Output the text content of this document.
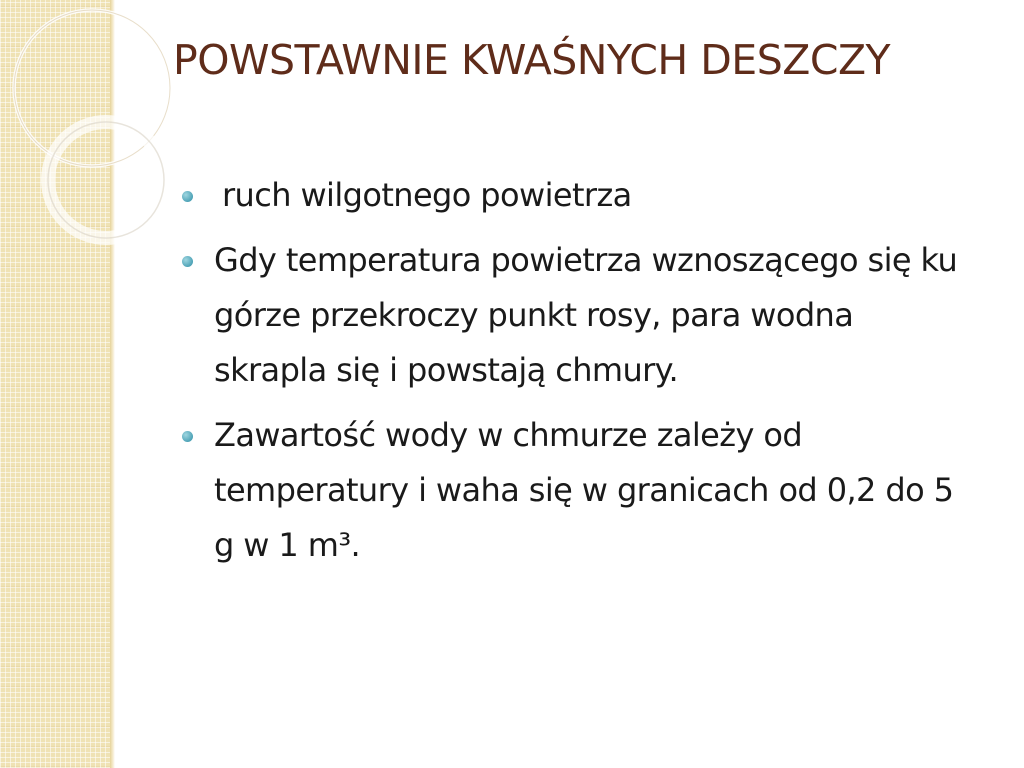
POWSTAWNIE KWAŚNYCH DESZCZY
ruch wilgotnego powietrza
Gdy temperatura powietrza wznoszącego się ku górze przekroczy punkt rosy, para wodna skrapla się i powstają chmury.
Zawartość wody w chmurze zależy od temperatury i waha się w granicach od 0,2 do 5 g w 1 m³.
